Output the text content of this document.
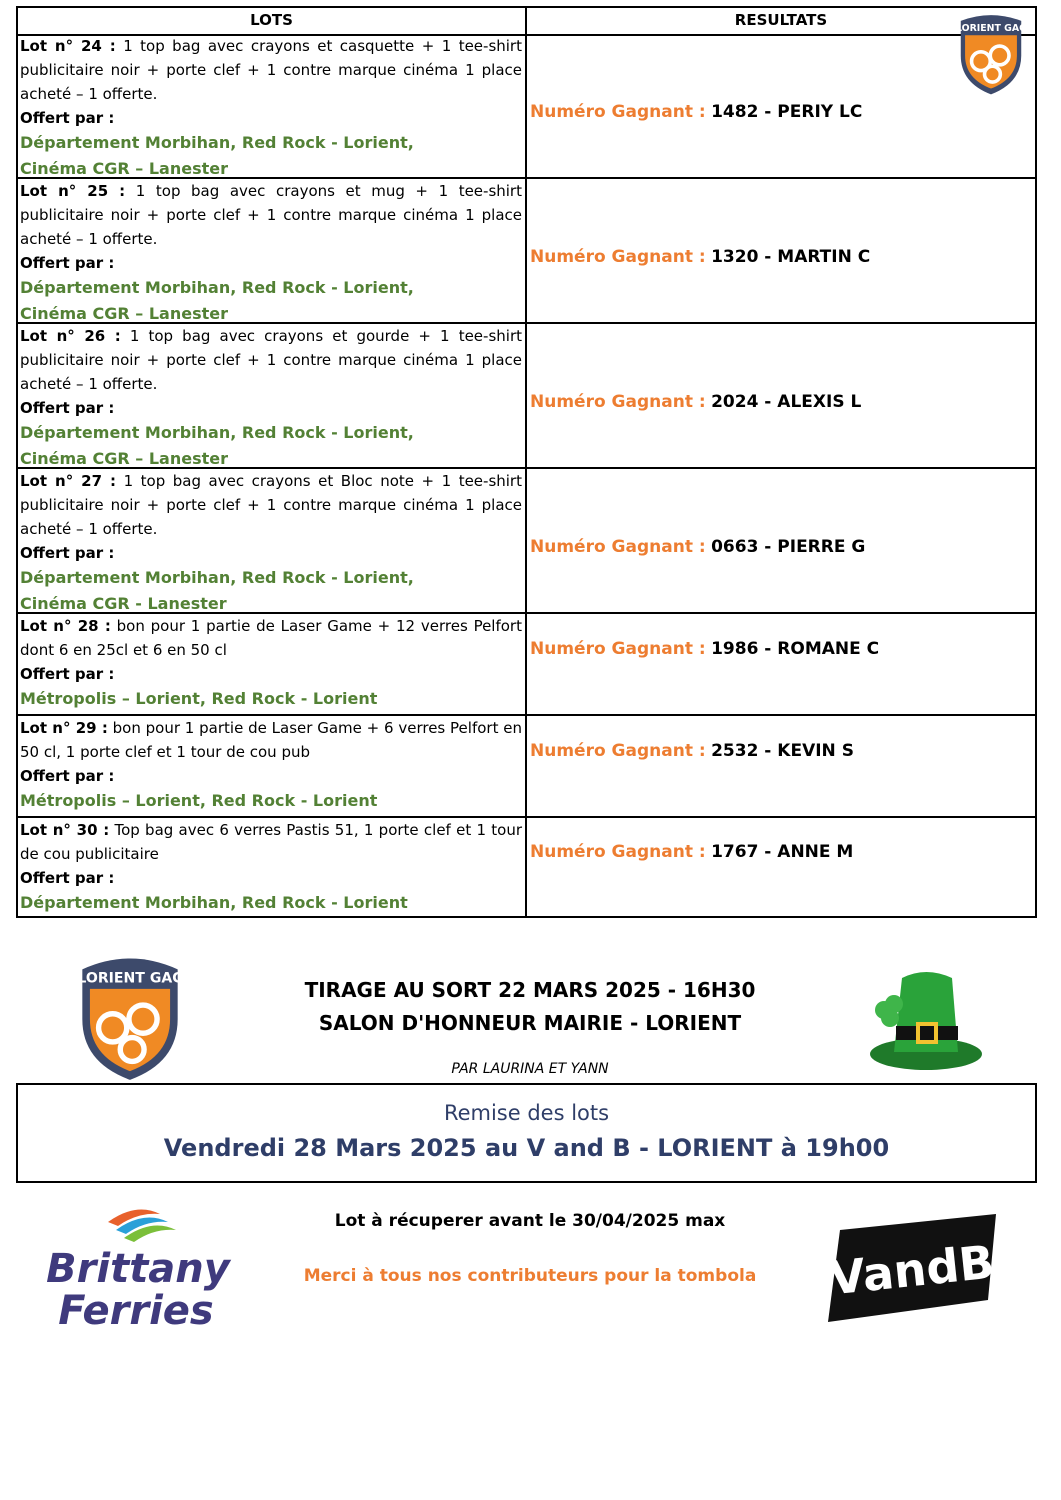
LOTS	RESULTATS
Lot n° 24 : 1 top bag avec crayons et casquette + 1 tee-shirt publicitaire noir + porte clef + 1 contre marque cinéma 1 place acheté – 1 offerte.
Offert par :
Département Morbihan, Red Rock - Lorient,
Cinéma CGR – Lanester
Numéro Gagnant : 1482 - PERIY LC
Lot n° 25 : 1 top bag avec crayons et mug + 1 tee-shirt publicitaire noir + porte clef + 1 contre marque cinéma 1 place acheté – 1 offerte.
Offert par :
Département Morbihan, Red Rock - Lorient,
Cinéma CGR – Lanester
Numéro Gagnant : 1320 - MARTIN C
Lot n° 26 : 1 top bag avec crayons et gourde + 1 tee-shirt publicitaire noir + porte clef + 1 contre marque cinéma 1 place acheté – 1 offerte.
Offert par :
Département Morbihan, Red Rock - Lorient,
Cinéma CGR – Lanester
Numéro Gagnant : 2024 - ALEXIS L
Lot n° 27 : 1 top bag avec crayons et Bloc note + 1 tee-shirt publicitaire noir + porte clef + 1 contre marque cinéma 1 place acheté – 1 offerte.
Offert par :
Département Morbihan, Red Rock - Lorient,
Cinéma CGR - Lanester
Numéro Gagnant : 0663 - PIERRE G
Lot n° 28 : bon pour 1 partie de Laser Game + 12 verres Pelfort dont 6 en 25cl et 6 en 50 cl
Offert par :
Métropolis – Lorient, Red Rock - Lorient
Numéro Gagnant : 1986 - ROMANE C
Lot n° 29 : bon pour 1 partie de Laser Game + 6 verres Pelfort en 50 cl, 1 porte clef et 1 tour de cou pub
Offert par :
Métropolis – Lorient, Red Rock - Lorient
Numéro Gagnant : 2532 - KEVIN S
Lot n° 30 : Top bag avec 6 verres Pastis 51, 1 porte clef et 1 tour de cou publicitaire
Offert par :
Département Morbihan, Red Rock - Lorient
Numéro Gagnant : 1767 - ANNE M
LORIENT GAC
LORIENT GAC	TIRAGE AU SORT 22 MARS 2025 - 16H30
SALON D'HONNEUR MAIRIE - LORIENT
PAR LAURINA ET YANN
Remise des lots
Vendredi 28 Mars 2025 au V and B - LORIENT à 19h00
Brittany
Ferries
Lot à récuperer avant le 30/04/2025 max
Merci à tous nos contributeurs pour la tombola	VandB
